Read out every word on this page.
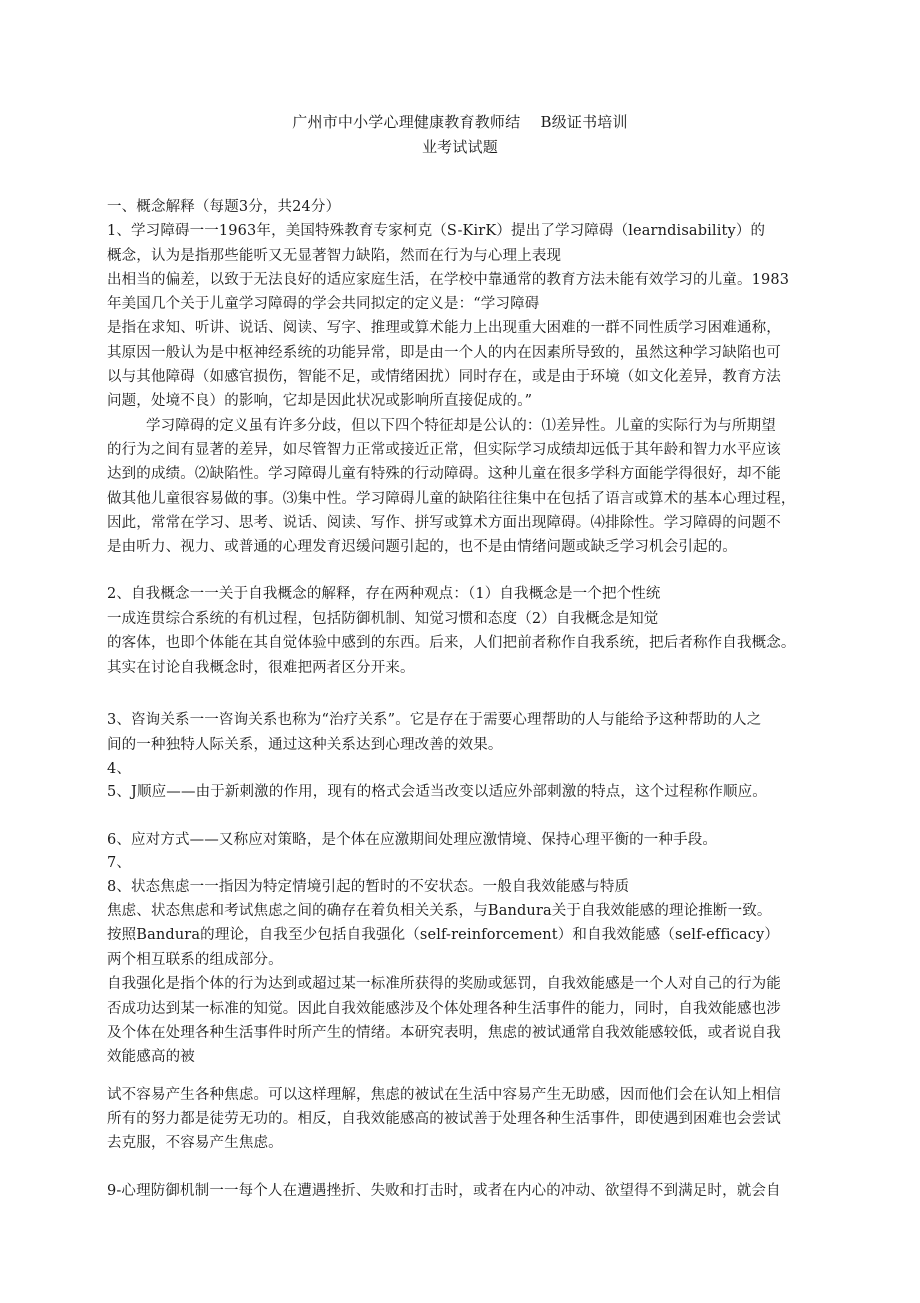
广州市中小学心理健康教育教师结　 B级证书培训
业考试试题
一、概念解释（每题3分，共24分）
1、学习障碍一一1963年，美国特殊教育专家柯克（S-KirK）提出了学习障碍（learndisability）的
概念，认为是指那些能听又无显著智力缺陷，然而在行为与心理上表现
出相当的偏差，以致于无法良好的适应家庭生活，在学校中靠通常的教育方法未能有效学习的儿童。1983
年美国几个关于儿童学习障碍的学会共同拟定的定义是：“学习障碍
是指在求知、听讲、说话、阅读、写字、推理或算术能力上出现重大困难的一群不同性质学习困难通称，
其原因一般认为是中枢神经系统的功能异常，即是由一个人的内在因素所导致的，虽然这种学习缺陷也可
以与其他障碍（如感官损伤，智能不足，或情绪困扰）同时存在，或是由于环境（如文化差异，教育方法
问题，处境不良）的影响，它却是因此状况或影响所直接促成的。”
学习障碍的定义虽有许多分歧，但以下四个特征却是公认的：⑴差异性。儿童的实际行为与所期望
的行为之间有显著的差异，如尽管智力正常或接近正常，但实际学习成绩却远低于其年龄和智力水平应该
达到的成绩。⑵缺陷性。学习障碍儿童有特殊的行动障碍。这种儿童在很多学科方面能学得很好，却不能
做其他儿童很容易做的事。⑶集中性。学习障碍儿童的缺陷往往集中在包括了语言或算术的基本心理过程，
因此，常常在学习、思考、说话、阅读、写作、拼写或算术方面出现障碍。⑷排除性。学习障碍的问题不
是由听力、视力、或普通的心理发育迟缓问题引起的，也不是由情绪问题或缺乏学习机会引起的。
2、自我概念一一关于自我概念的解释，存在两种观点：（1）自我概念是一个把个性统
一成连贯综合系统的有机过程，包括防御机制、知觉习惯和态度（2）自我概念是知觉
的客体，也即个体能在其自觉体验中感到的东西。后来，人们把前者称作自我系统，把后者称作自我概念。
其实在讨论自我概念时，很难把两者区分开来。
3、咨询关系一一咨询关系也称为“治疗关系”。它是存在于需要心理帮助的人与能给予这种帮助的人之
间的一种独特人际关系，通过这种关系达到心理改善的效果。
4、
5、J顺应——由于新刺激的作用，现有的格式会适当改变以适应外部刺激的特点，这个过程称作顺应。
6、应对方式——又称应对策略，是个体在应激期间处理应激情境、保持心理平衡的一种手段。
7、
8、状态焦虑一一指因为特定情境引起的暂时的不安状态。一般自我效能感与特质
焦虑、状态焦虑和考试焦虑之间的确存在着负相关关系，与Bandura关于自我效能感的理论推断一致。
按照Bandura的理论，自我至少包括自我强化（self-reinforcement）和自我效能感（self-efficacy）
两个相互联系的组成部分。
自我强化是指个体的行为达到或超过某一标准所获得的奖励或惩罚，自我效能感是一个人对自己的行为能
否成功达到某一标准的知觉。因此自我效能感涉及个体处理各种生活事件的能力，同时，自我效能感也涉
及个体在处理各种生活事件时所产生的情绪。本研究表明，焦虑的被试通常自我效能感较低，或者说自我
效能感高的被
试不容易产生各种焦虑。可以这样理解，焦虑的被试在生活中容易产生无助感，因而他们会在认知上相信
所有的努力都是徒劳无功的。相反，自我效能感高的被试善于处理各种生活事件，即使遇到困难也会尝试
去克服，不容易产生焦虑。
9-心理防御机制一一每个人在遭遇挫折、失败和打击时，或者在内心的冲动、欲望得不到满足时，就会自
